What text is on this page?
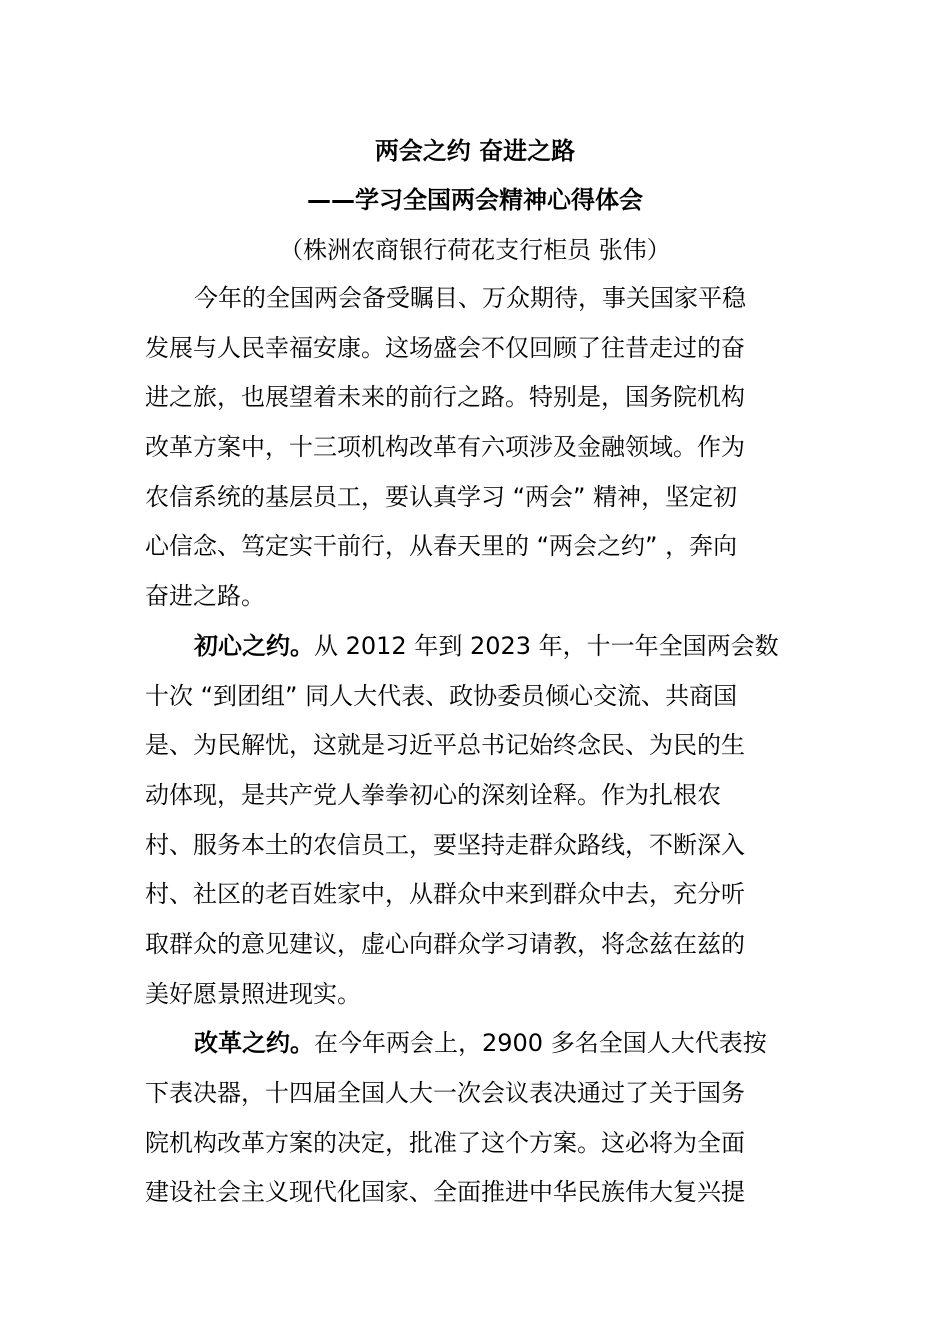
两会之约 奋进之路
——学习全国两会精神心得体会
（株洲农商银行荷花支行柜员 张伟）
今年的全国两会备受瞩目、万众期待，事关国家平稳
发展与人民幸福安康。这场盛会不仅回顾了往昔走过的奋
进之旅，也展望着未来的前行之路。特别是，国务院机构
改革方案中，十三项机构改革有六项涉及金融领域。作为
农信系统的基层员工，要认真学习 “两会” 精神，坚定初
心信念、笃定实干前行，从春天里的 “两会之约” ，奔向
奋进之路。
初心之约。从 2012 年到 2023 年，十一年全国两会数
十次 “到团组” 同人大代表、政协委员倾心交流、共商国
是、为民解忧，这就是习近平总书记始终念民、为民的生
动体现，是共产党人拳拳初心的深刻诠释。作为扎根农
村、服务本土的农信员工，要坚持走群众路线，不断深入
村、社区的老百姓家中，从群众中来到群众中去，充分听
取群众的意见建议，虚心向群众学习请教，将念兹在兹的
美好愿景照进现实。
改革之约。在今年两会上，2900 多名全国人大代表按
下表决器，十四届全国人大一次会议表决通过了关于国务
院机构改革方案的决定，批准了这个方案。这必将为全面
建设社会主义现代化国家、全面推进中华民族伟大复兴提
